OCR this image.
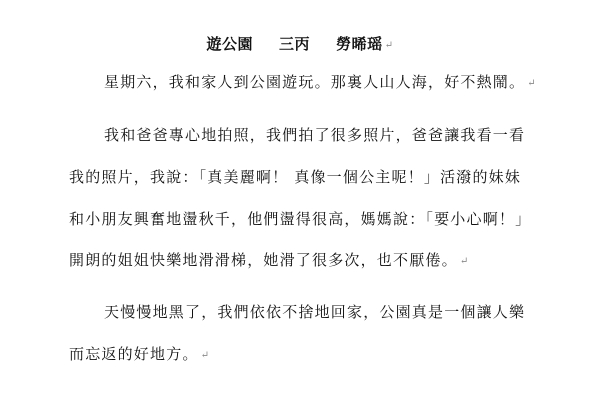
遊公園 三丙 勞晞瑶 ↵
星期六，我和家人到公園遊玩。那裏人山人海，好不熱鬧。 ↵
我和爸爸專心地拍照，我們拍了很多照片，爸爸讓我看一看
我的照片，我說：「真美麗啊！ 真像一個公主呢！」活潑的妹妹
和小朋友興奮地盪秋千，他們盪得很高，媽媽說：「要小心啊！」
開朗的姐姐快樂地滑滑梯，她滑了很多次，也不厭倦。 ↵
天慢慢地黑了，我們依依不捨地回家，公園真是一個讓人樂
而忘返的好地方。 ↵
